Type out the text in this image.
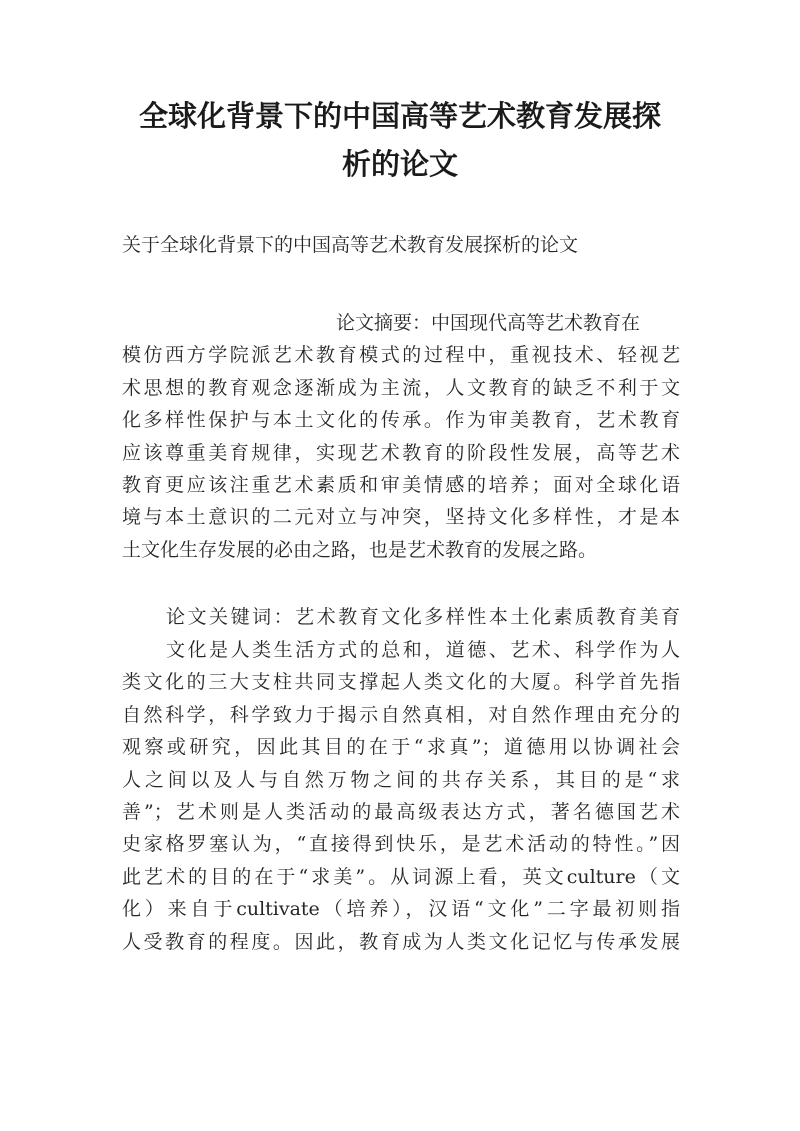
全球化背景下的中国高等艺术教育发展探
析的论文

关于全球化背景下的中国高等艺术教育发展探析的论文

论文摘要：中国现代高等艺术教育在
模仿西方学院派艺术教育模式的过程中，重视技术、轻视艺
术思想的教育观念逐渐成为主流，人文教育的缺乏不利于文
化多样性保护与本土文化的传承。作为审美教育，艺术教育
应该尊重美育规律，实现艺术教育的阶段性发展，高等艺术
教育更应该注重艺术素质和审美情感的培养；面对全球化语
境与本土意识的二元对立与冲突，坚持文化多样性，才是本
土文化生存发展的必由之路，也是艺术教育的发展之路。
论文关键词：艺术教育文化多样性本土化素质教育美育
文化是人类生活方式的总和，道德、艺术、科学作为人
类文化的三大支柱共同支撑起人类文化的大厦。科学首先指
自然科学，科学致力于揭示自然真相，对自然作理由充分的
观察或研究，因此其目的在于“求真”；道德用以协调社会
人之间以及人与自然万物之间的共存关系，其目的是“求
善”；艺术则是人类活动的最高级表达方式，著名德国艺术
史家格罗塞认为，“直接得到快乐，是艺术活动的特性。”因
此艺术的目的在于“求美”。从词源上看，英文culture（文
化）来自于cultivate（培养），汉语“文化”二字最初则指
人受教育的程度。因此，教育成为人类文化记忆与传承发展
